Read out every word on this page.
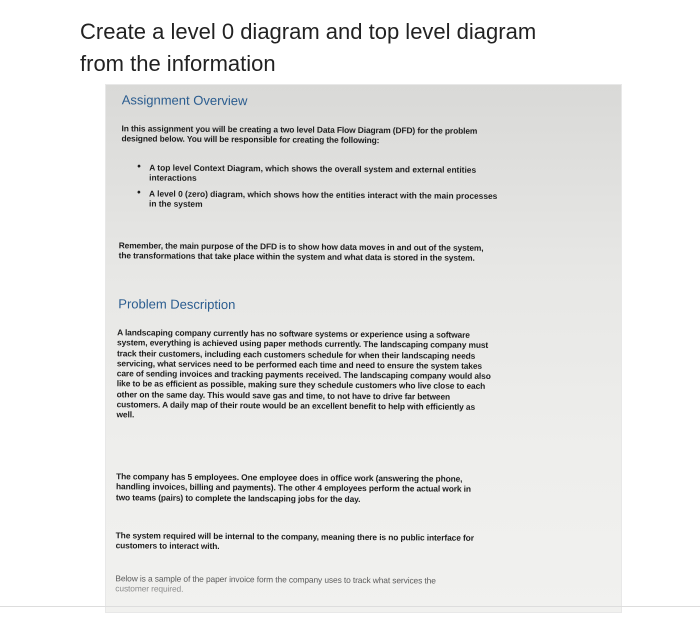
Create a level 0 diagram and top level diagram
from the information
Assignment Overview
In this assignment you will be creating a two level Data Flow Diagram (DFD) for the problem
designed below. You will be responsible for creating the following:
• A top level Context Diagram, which shows the overall system and external entities
interactions
• A level 0 (zero) diagram, which shows how the entities interact with the main processes
in the system
Remember, the main purpose of the DFD is to show how data moves in and out of the system,
the transformations that take place within the system and what data is stored in the system.
Problem Description
A landscaping company currently has no software systems or experience using a software
system, everything is achieved using paper methods currently. The landscaping company must
track their customers, including each customers schedule for when their landscaping needs
servicing, what services need to be performed each time and need to ensure the system takes
care of sending invoices and tracking payments received. The landscaping company would also
like to be as efficient as possible, making sure they schedule customers who live close to each
other on the same day. This would save gas and time, to not have to drive far between
customers. A daily map of their route would be an excellent benefit to help with efficiently as
well.
The company has 5 employees. One employee does in office work (answering the phone,
handling invoices, billing and payments). The other 4 employees perform the actual work in
two teams (pairs) to complete the landscaping jobs for the day.
The system required will be internal to the company, meaning there is no public interface for
customers to interact with.
Below is a sample of the paper invoice form the company uses to track what services the
customer required.
